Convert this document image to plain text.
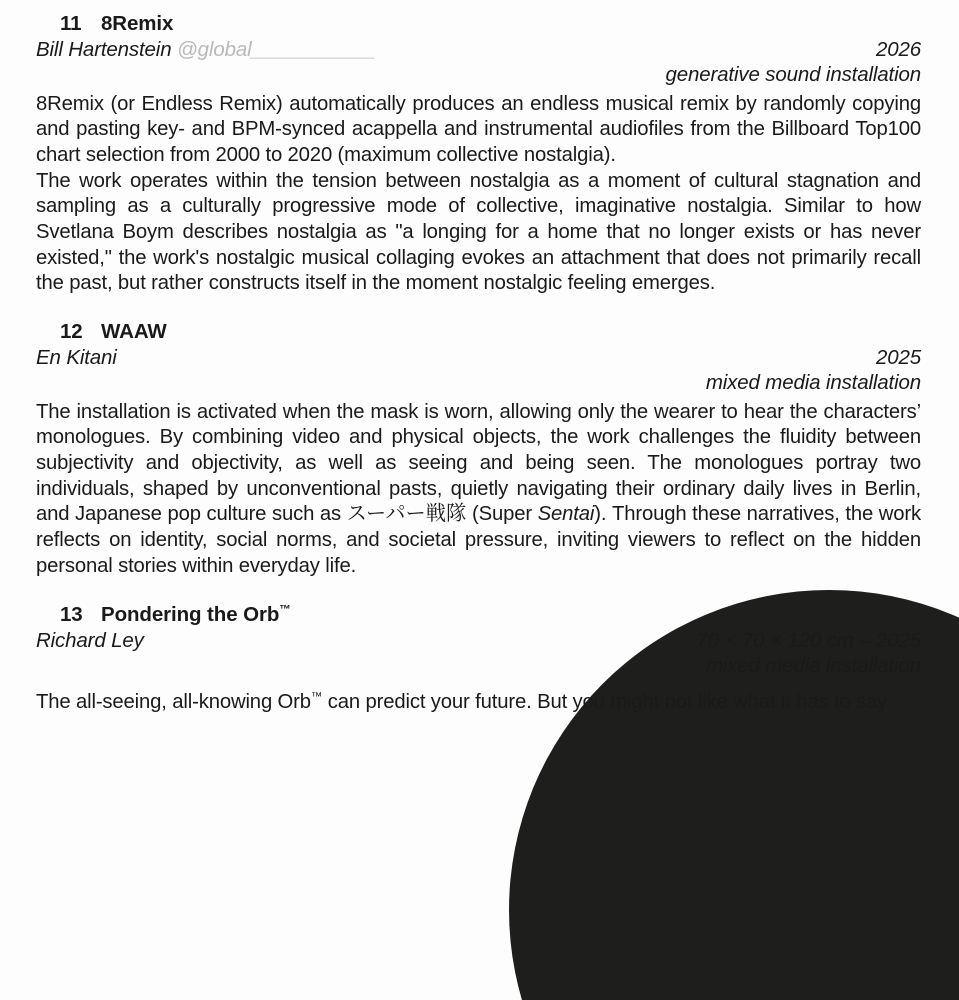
11 8Remix
Bill Hartenstein @global___________	2026
generative sound installation

8Remix (or Endless Remix) automatically produces an endless musical remix by randomly copying and pasting key- and BPM-synced acappella and instrumental audiofiles from the Billboard Top100 chart selection from 2000 to 2020 (maximum collective nostalgia).

The work operates within the tension between nostalgia as a moment of cultural stagnation and sampling as a culturally progressive mode of collective, imaginative nostalgia. Similar to how Svetlana Boym describes nostalgia as "a longing for a home that no longer exists or has never existed," the work's nostalgic musical collaging evokes an attachment that does not primarily recall the past, but rather constructs itself in the moment nostalgic feeling emerges.

12 WAAW
En Kitani	2025
mixed media installation

The installation is activated when the mask is worn, allowing only the wearer to hear the characters’ monologues. By combining video and physical objects, the work challenges the fluidity between subjectivity and objectivity, as well as seeing and being seen. The monologues portray two individuals, shaped by unconventional pasts, quietly navigating their ordinary daily lives in Berlin, and Japanese pop culture such as スーパー戦隊 (Super Sentai). Through these narratives, the work reflects on identity, social norms, and societal pressure, inviting viewers to reflect on the hidden personal stories within everyday life.

13 Pondering the Orb™
Richard Ley	70 × 70 × 120 cm – 2025
mixed media installation

The all-seeing, all-knowing Orb™ can predict your future. But you might not like what it has to say.
